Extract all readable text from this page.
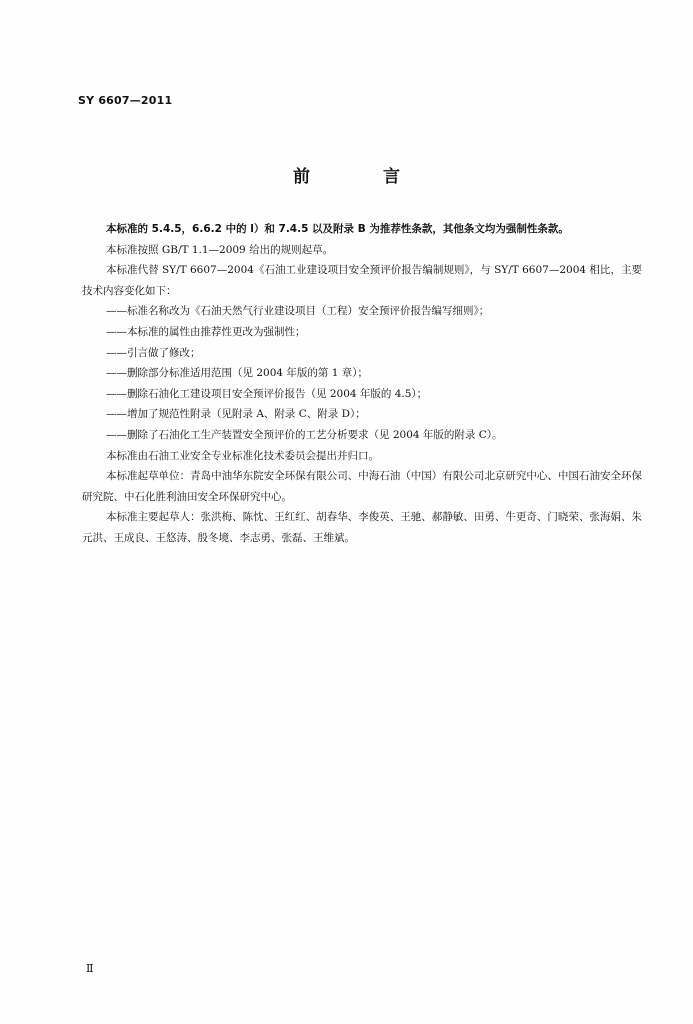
SY 6607—2011
前　言

本标准的 5.4.5，6.6.2 中的 l）和 7.4.5 以及附录 B 为推荐性条款，其他条文均为强制性条款。

本标准按照 GB/T 1.1—2009 给出的规则起草。

本标准代替 SY/T 6607—2004《石油工业建设项目安全预评价报告编制规则》，与 SY/T 6607—2004 相比，主要技术内容变化如下：

——标准名称改为《石油天然气行业建设项目（工程）安全预评价报告编写细则》；

——本标准的属性由推荐性更改为强制性；

——引言做了修改；

——删除部分标准适用范围（见 2004 年版的第 1 章）；

——删除石油化工建设项目安全预评价报告（见 2004 年版的 4.5）；

——增加了规范性附录（见附录 A、附录 C、附录 D）；

——删除了石油化工生产装置安全预评价的工艺分析要求（见 2004 年版的附录 C）。

本标准由石油工业安全专业标准化技术委员会提出并归口。

本标准起草单位：青岛中油华东院安全环保有限公司、中海石油（中国）有限公司北京研究中心、中国石油安全环保研究院、中石化胜利油田安全环保研究中心。

本标准主要起草人：张洪梅、陈忱、王红红、胡春华、李俊英、王驰、郝静敏、田勇、牛更奇、门晓荣、张海娟、朱元洪、王成良、王悠涛、殷冬境、李志勇、张磊、王维斌。

Ⅱ
